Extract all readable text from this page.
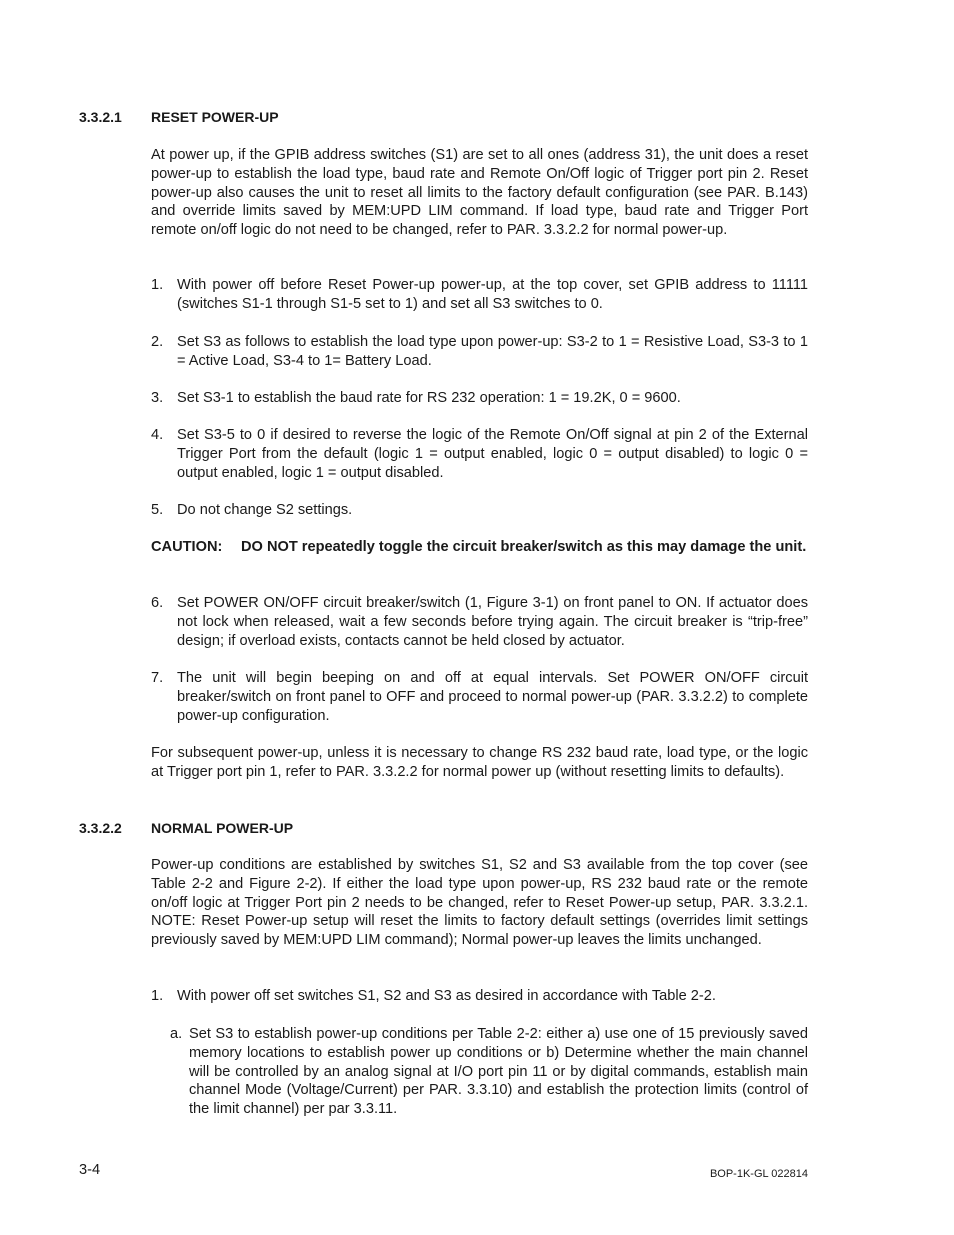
3.3.2.1 RESET POWER-UP

At power up, if the GPIB address switches (S1) are set to all ones (address 31), the unit does a reset power-up to establish the load type, baud rate and Remote On/Off logic of Trigger port pin 2. Reset power-up also causes the unit to reset all limits to the factory default configuration (see PAR. B.143) and override limits saved by MEM:UPD LIM command. If load type, baud rate and Trigger Port remote on/off logic do not need to be changed, refer to PAR. 3.3.2.2 for normal power-up.

1. With power off before Reset Power-up power-up, at the top cover, set GPIB address to 11111 (switches S1-1 through S1-5 set to 1) and set all S3 switches to 0.
2. Set S3 as follows to establish the load type upon power-up: S3-2 to 1 = Resistive Load, S3-3 to 1 = Active Load, S3-4 to 1= Battery Load.
3. Set S3-1 to establish the baud rate for RS 232 operation: 1 = 19.2K, 0 = 9600.
4. Set S3-5 to 0 if desired to reverse the logic of the Remote On/Off signal at pin 2 of the External Trigger Port from the default (logic 1 = output enabled, logic 0 = output disabled) to logic 0 = output enabled, logic 1 = output disabled.
5. Do not change S2 settings.
CAUTION: DO NOT repeatedly toggle the circuit breaker/switch as this may damage the unit.
6. Set POWER ON/OFF circuit breaker/switch (1, Figure 3-1) on front panel to ON. If actuator does not lock when released, wait a few seconds before trying again. The circuit breaker is “trip-free” design; if overload exists, contacts cannot be held closed by actuator.
7. The unit will begin beeping on and off at equal intervals. Set POWER ON/OFF circuit breaker/switch on front panel to OFF and proceed to normal power-up (PAR. 3.3.2.2) to complete power-up configuration.

For subsequent power-up, unless it is necessary to change RS 232 baud rate, load type, or the logic at Trigger port pin 1, refer to PAR. 3.3.2.2 for normal power up (without resetting limits to defaults).

3.3.2.2 NORMAL POWER-UP

Power-up conditions are established by switches S1, S2 and S3 available from the top cover (see Table 2-2 and Figure 2-2). If either the load type upon power-up, RS 232 baud rate or the remote on/off logic at Trigger Port pin 2 needs to be changed, refer to Reset Power-up setup, PAR. 3.3.2.1. NOTE: Reset Power-up setup will reset the limits to factory default settings (overrides limit settings previously saved by MEM:UPD LIM command); Normal power-up leaves the limits unchanged.

1. With power off set switches S1, S2 and S3 as desired in accordance with Table 2-2.
a. Set S3 to establish power-up conditions per Table 2-2: either a) use one of 15 previously saved memory locations to establish power up conditions or b) Determine whether the main channel will be controlled by an analog signal at I/O port pin 11 or by digital commands, establish main channel Mode (Voltage/Current) per PAR. 3.3.10) and establish the protection limits (control of the limit channel) per par 3.3.11.
3-4	BOP-1K-GL 022814
